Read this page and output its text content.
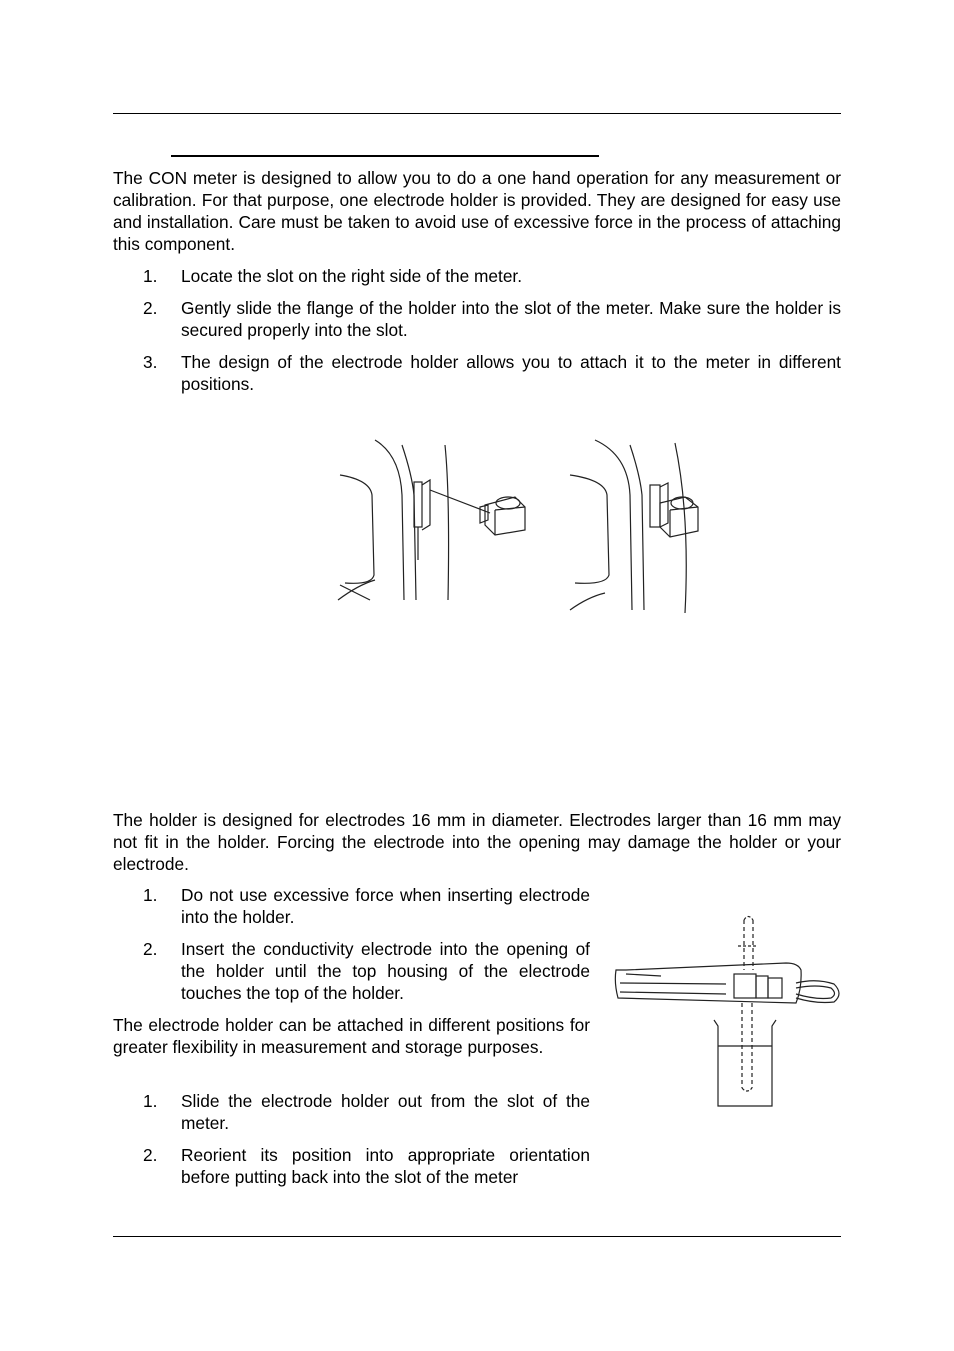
The CON meter is designed to allow you to do a one hand operation for any measurement or calibration. For that purpose, one electrode holder is provided. They are designed for easy use and installation. Care must be taken to avoid use of excessive force in the process of attaching this component.

1. Locate the slot on the right side of the meter.
2. Gently slide the flange of the holder into the slot of the meter. Make sure the holder is secured properly into the slot.
3. The design of the electrode holder allows you to attach it to the meter in different positions.

The holder is designed for electrodes 16 mm in diameter. Electrodes larger than 16 mm may not fit in the holder. Forcing the electrode into the opening may damage the holder or your electrode.

1. Do not use excessive force when inserting electrode into the holder.
2. Insert the conductivity electrode into the opening of the holder until the top housing of the electrode touches the top of the holder.

The electrode holder can be attached in different positions for greater flexibility in measurement and storage purposes.

1. Slide the electrode holder out from the slot of the meter.
2. Reorient its position into appropriate orientation before putting back into the slot of the meter
